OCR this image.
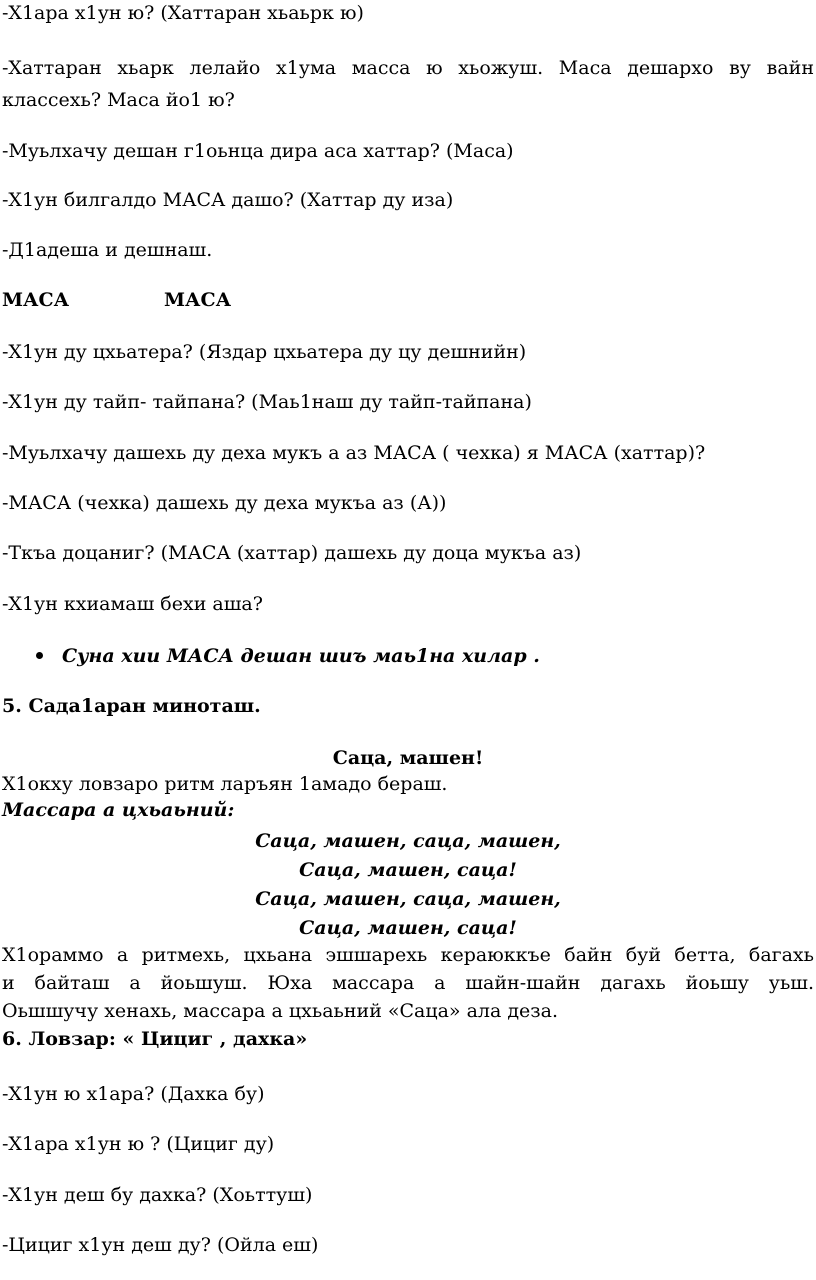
-Х1ара х1ун ю? (Хаттаран хьаьрк ю)
-Хаттаран хьарк лелайо х1ума масса ю хьожуш. Маса дешархо ву вайн
классехь? Маса йо1 ю?
-Муьлхачу дешан г1оьнца дира аса хаттар? (Маса)
-Х1ун билгалдо МАСА дашо? (Хаттар ду иза)
-Д1адеша и дешнаш.
МАСА	МАСА
-Х1ун ду цхьатера? (Яздар цхьатера ду цу дешнийн)
-Х1ун ду тайп- тайпана? (Маь1наш ду тайп-тайпана)
-Муьлхачу дашехь ду деха мукъ а аз МАСА ( чехка) я МАСА (хаттар)?
-МАСА (чехка) дашехь ду деха мукъа аз (А))
-Ткъа доцаниг? (МАСА (хаттар) дашехь ду доца мукъа аз)
-Х1ун кхиамаш бехи аша?
Суна хии МАСА дешан шиъ маь1на хилар .
5. Сада1аран миноташ.
Саца, машен!
Х1окху ловзаро ритм ларъян 1амадо бераш.
Массара а цхьаьний:
Саца, машен, саца, машен,
Саца, машен, саца!
Саца, машен, саца, машен,
Саца, машен, саца!
Х1ораммо а ритмехь, цхьана эшшарехь кераюккъе байн буй бетта, багахь
и байташ а йоьшуш. Юха массара а шайн-шайн дагахь йоьшу уьш.
Оьшшучу хенахь, массара а цхьаьний «Саца» ала деза.
6. Ловзар: « Цициг , дахка»
-Х1ун ю х1ара? (Дахка бу)
-Х1ара х1ун ю ? (Цициг ду)
-Х1ун деш бу дахка? (Хоьттуш)
-Цициг х1ун деш ду? (Ойла еш)
